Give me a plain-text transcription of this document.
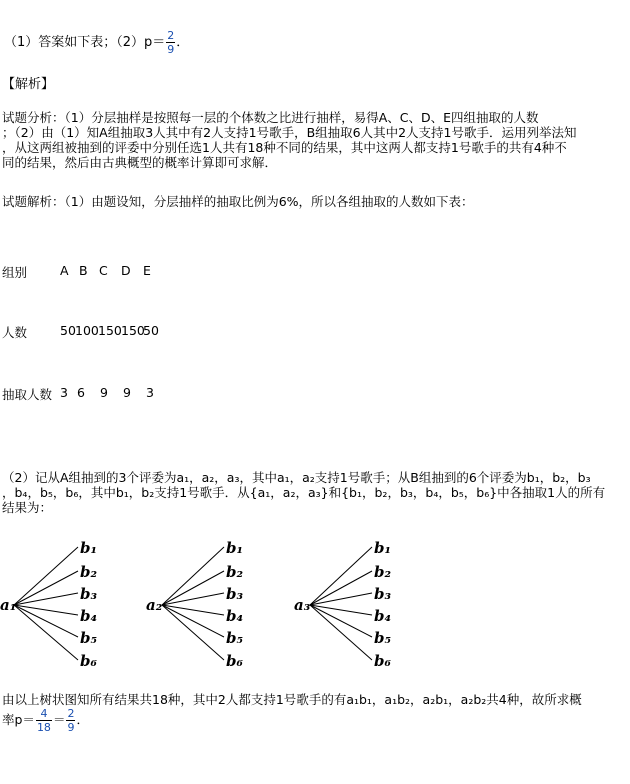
（1）答案如下表；$(2)p= \frac{2}{9}$ ．
【解析】
试题分析：（1）分层抽样是按照每一层的个体数之比进行抽样，易得A、C、D、E四组抽取的人数
；（2）由（1）知A组抽取3人其中有2人支持1号歌手，B组抽取6人其中2人支持1号歌手．运用列举法知
，从这两组被抽到的评委中分别任选1人共有18种不同的结果，其中这两人都支持1号歌手的共有4种不
同的结果，然后由古典概型的概率计算即可求解．
试题解析：（1）由题设知，分层抽样的抽取比例为6%，所以各组抽取的人数如下表：
组别	A B C D E
人数	50 100 150 150
50
抽取人数 3 6 9 9 3
（2）记从A组抽到的3个评委为a₁，a₂，a₃，其中a₁，a₂支持1号歌手；从B组抽到的6个评委为b₁，b₂，b₃
，b₄，b₅，b₆，其中b₁，b₂支持1号歌手．从{a₁，a₂，a₃}和{b₁，b₂，b₃，b₄，b₅，b₆}中各抽取1人的所有
结果为：
a₁
b₁
b₂
b₃
b₄
b₅
b₆
a₂
b₁
b₂
b₃
b₄
b₅
b₆
a₃
b₁
b₂
b₃
b₄
b₅
b₆
由以上树状图知所有结果共18种，其中2人都支持1号歌手的有a₁b₁，a₁b₂，a₂b₁，a₂b₂共4种，故所求概
率$p= \frac{4}{18} = \frac{2}{9}$ ．
